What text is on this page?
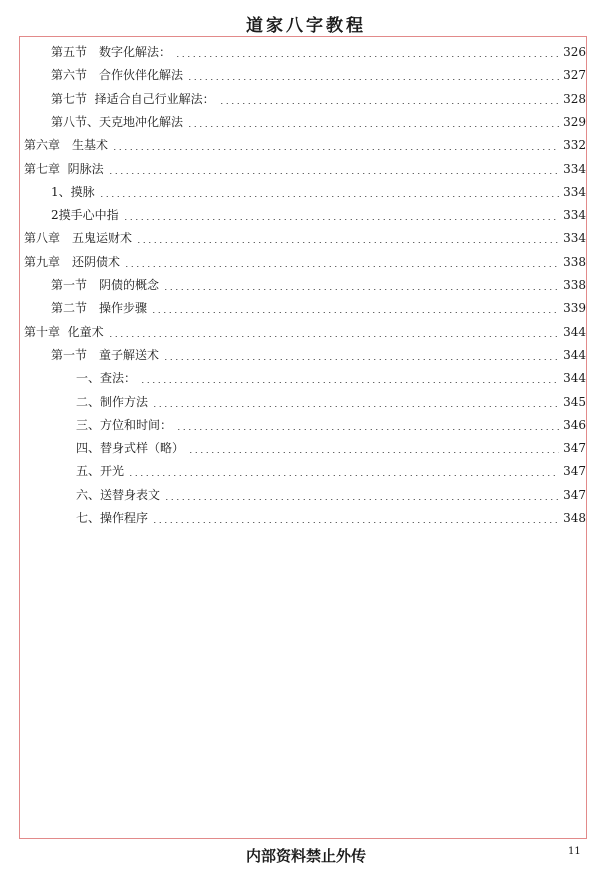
道家八字教程
第五节　数字化解法：	326
第六节　合作伙伴化解法	327
第七节  择适合自己行业解法：	328
第八节、天克地冲化解法	329
第六章　生基术	332
第七章  阴脉法	334
1、摸脉	334
2摸手心中指	334
第八章　五鬼运财术	334
第九章　还阴债术	338
第一节　阴债的概念	338
第二节　操作步骤	339
第十章  化童术	344
第一节　童子解送术	344
一、查法：	344
二、制作方法	345
三、方位和时间：	346
四、替身式样（略）	347
五、开光	347
六、送替身表文	347
七、操作程序	348
内部资料禁止外传	11
